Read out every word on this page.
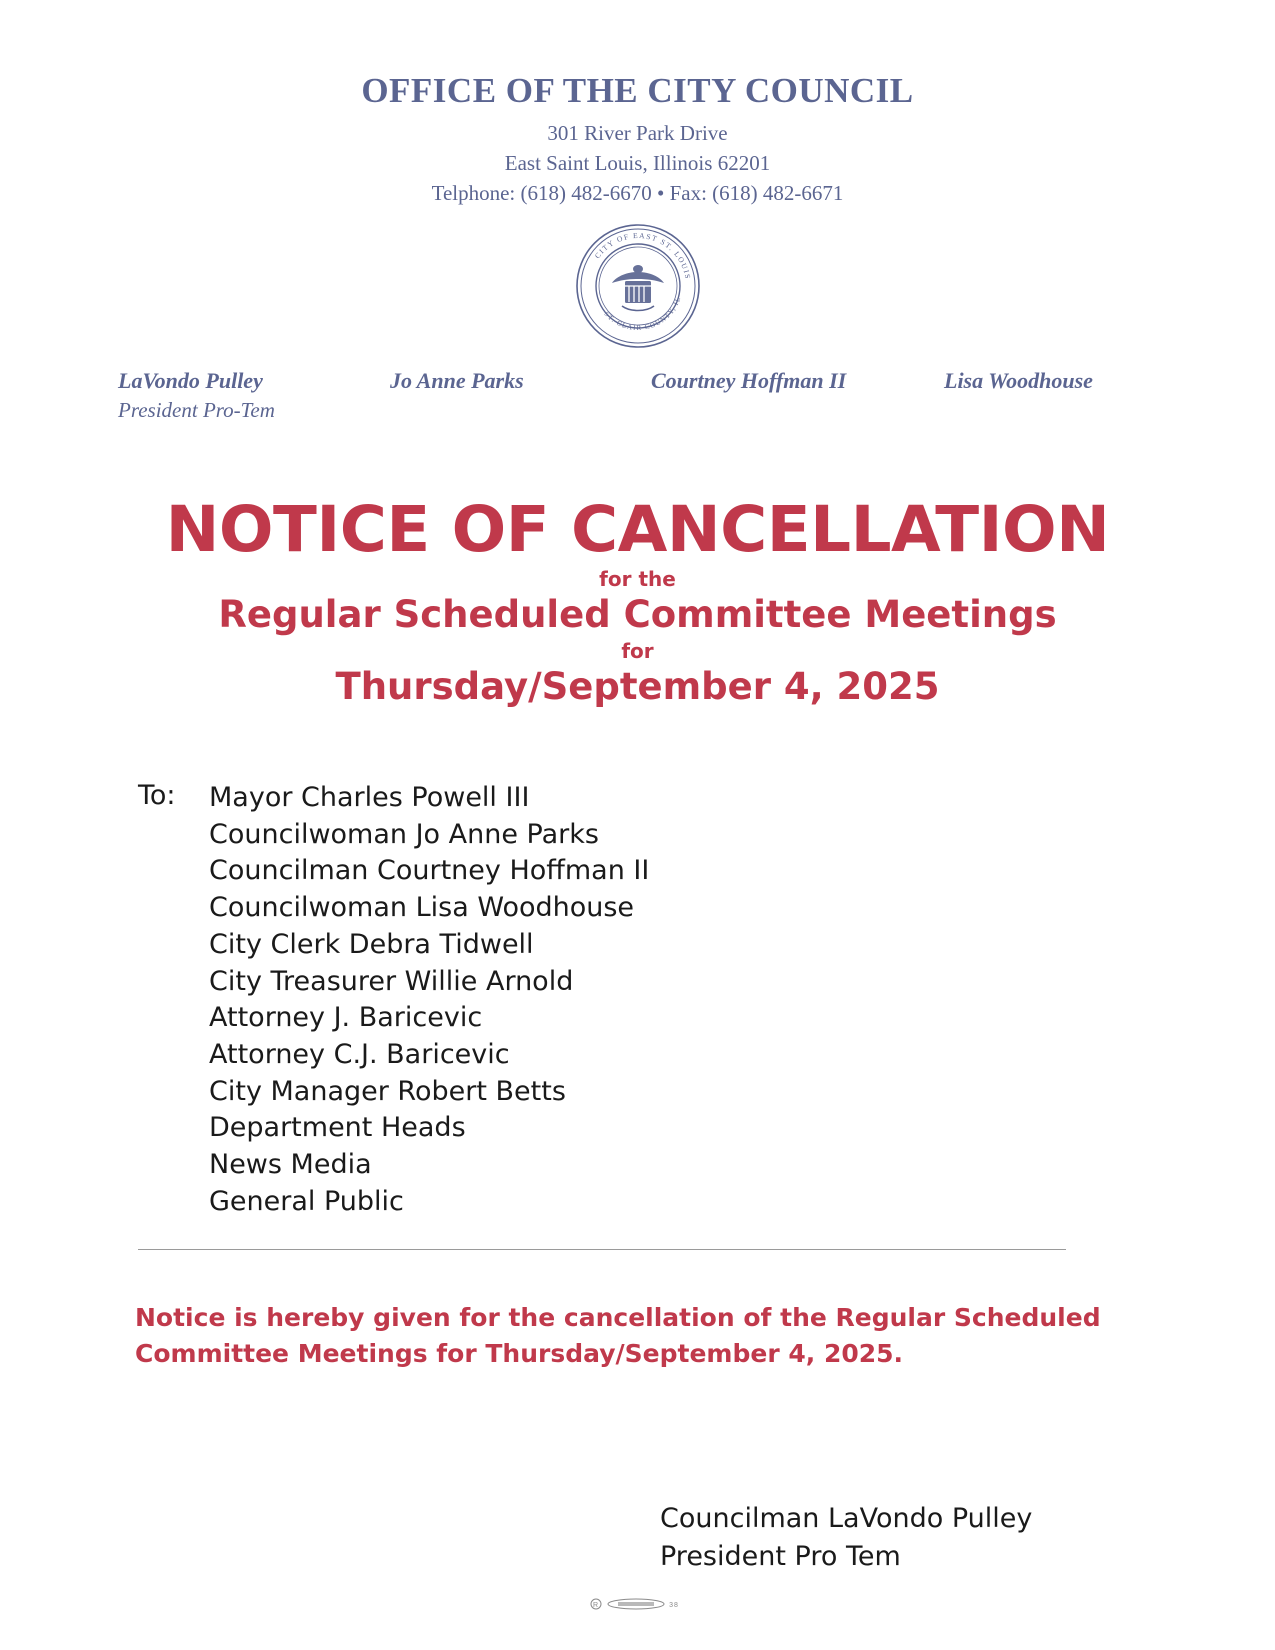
OFFICE OF THE CITY COUNCIL
301 River Park Drive
East Saint Louis, Illinois 62201
Telphone: (618) 482-6670 • Fax: (618) 482-6671
CITY OF EAST ST. LOUIS
ST. CLAIR COUNTY, IL
LaVondo Pulley
President Pro-Tem
Jo Anne Parks	Courtney Hoffman II	Lisa Woodhouse
NOTICE OF CANCELLATION
for the
Regular Scheduled Committee Meetings
for
Thursday/September 4, 2025
To: Mayor Charles Powell III
Councilwoman Jo Anne Parks
Councilman Courtney Hoffman II
Councilwoman Lisa Woodhouse
City Clerk Debra Tidwell
City Treasurer Willie Arnold
Attorney J. Baricevic
Attorney C.J. Baricevic
City Manager Robert Betts
Department Heads
News Media
General Public
Notice is hereby given for the cancellation of the Regular Scheduled Committee Meetings for Thursday/September 4, 2025.
Councilman LaVondo Pulley
President Pro Tem
R	38
